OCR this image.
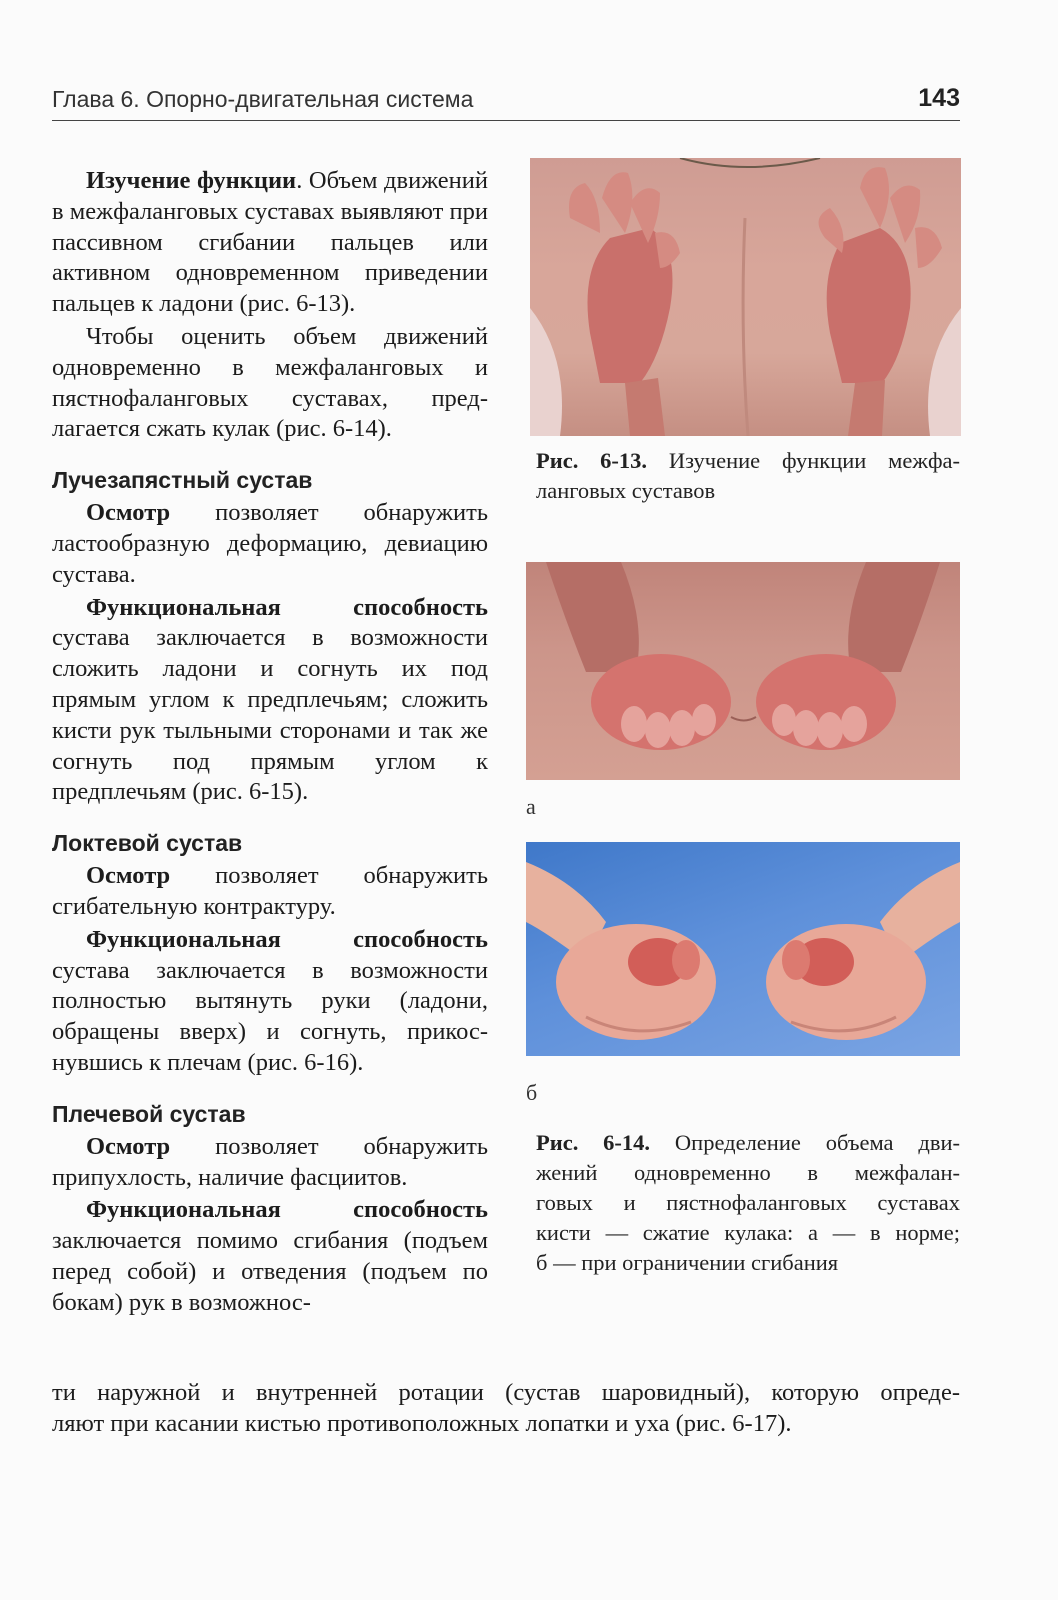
Глава 6. Опорно-двигательная система	143

Изучение функции. Объем движений в межфаланговых суставах выявляют при пассивном сгибании пальцев или активном одновременном приведении пальцев к ладони (рис. 6-13).

Чтобы оценить объем движений одновременно в межфаланговых и пястнофаланговых суставах, предлагается сжать кулак (рис. 6-14).

Лучезапястный сустав

Осмотр позволяет обнаружить ластообразную деформацию, девиацию сустава.

Функциональная способность сустава заключается в возможности сложить ладони и согнуть их под прямым углом к предплечьям; сложить кисти рук тыльными сторонами и так же согнуть под прямым углом к предплечьям (рис. 6-15).

Локтевой сустав

Осмотр позволяет обнаружить сгибательную контрактуру.

Функциональная способность сустава заключается в возможности полностью вытянуть руки (ладони, обращены вверх) и согнуть, прикоснувшись к плечам (рис. 6-16).

Плечевой сустав

Осмотр позволяет обнаружить припухлость, наличие фасциитов.

Функциональная способность заключается помимо сгибания (подъем перед собой) и отведения (подъем по бокам) рук в возможнос-

ти наружной и внутренней ротации (сустав шаровидный), которую опреде-
ляют при касании кистью противоположных лопатки и уха (рис. 6-17).
Рис. 6-13. Изучение функции межфа-
ланговых суставов
а
б
Рис. 6-14. Определение объема дви-
жений одновременно в межфалан-
говых и пястнофаланговых суставах
кисти — сжатие кулака: а — в норме;
б — при ограничении сгибания
